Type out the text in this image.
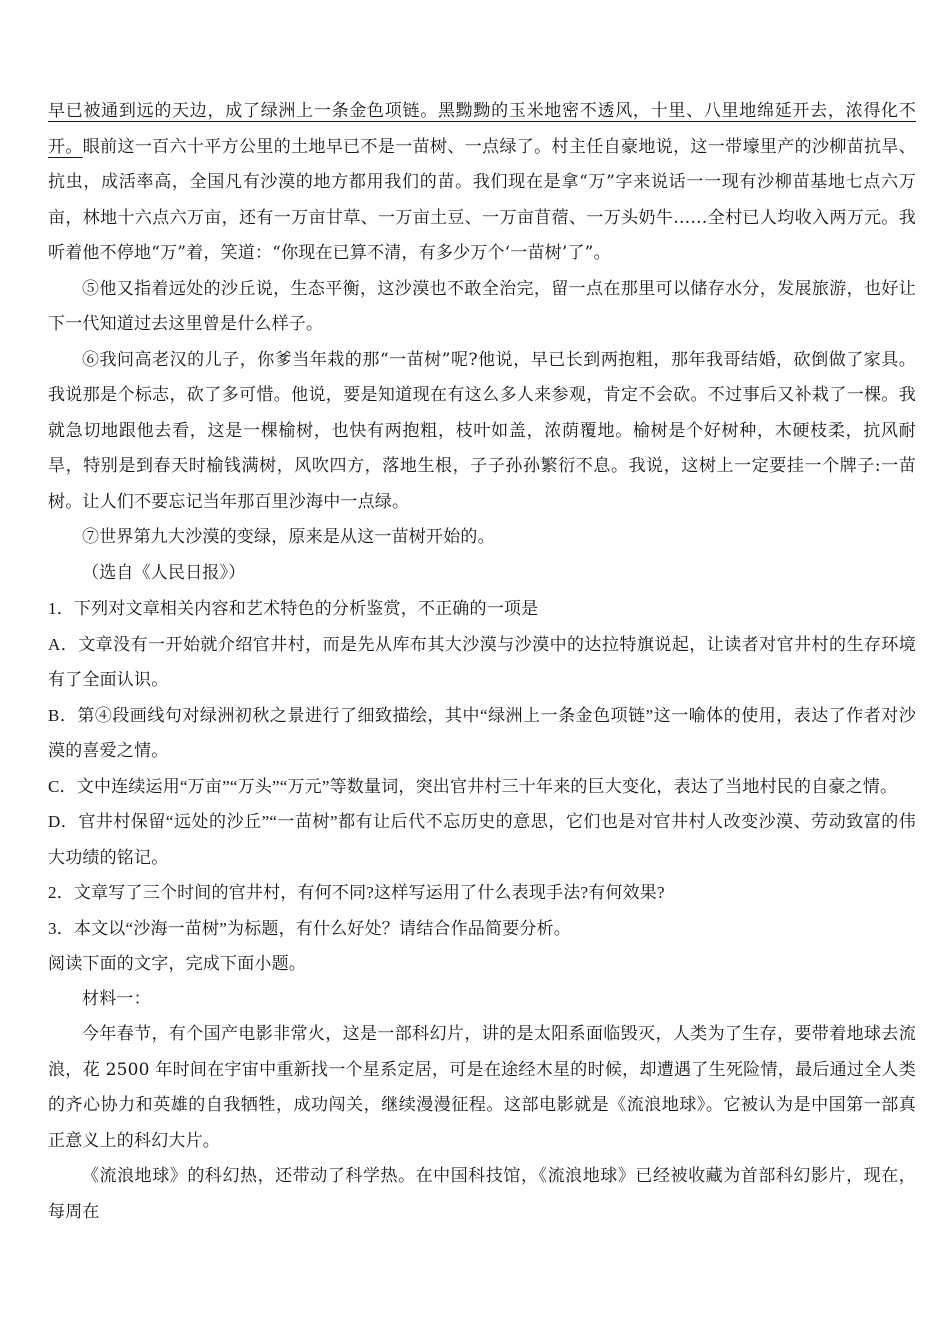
早已被通到远的天边，成了绿洲上一条金色项链。黑黝黝的玉米地密不透风，十里、八里地绵延开去，浓得化不开。眼前这一百六十平方公里的土地早已不是一苗树、一点绿了。村主任自豪地说，这一带壕里产的沙柳苗抗旱、抗虫，成活率高，全国凡有沙漠的地方都用我们的苗。我们现在是拿“万”字来说话一一现有沙柳苗基地七点六万亩，林地十六点六万亩，还有一万亩甘草、一万亩土豆、一万亩苜蓿、一万头奶牛……全村已人均收入两万元。我听着他不停地“万”着，笑道：“你现在已算不清，有多少万个‘一苗树’了”。

⑤他又指着远处的沙丘说，生态平衡，这沙漠也不敢全治完，留一点在那里可以储存水分，发展旅游，也好让下一代知道过去这里曾是什么样子。

⑥我问高老汉的儿子，你爹当年栽的那“一苗树”呢?他说，早已长到两抱粗，那年我哥结婚，砍倒做了家具。我说那是个标志，砍了多可惜。他说，要是知道现在有这么多人来参观，肯定不会砍。不过事后又补栽了一棵。我就急切地跟他去看，这是一棵榆树，也快有两抱粗，枝叶如盖，浓荫覆地。榆树是个好树种，木硬枝柔，抗风耐旱，特别是到春天时榆钱满树，风吹四方，落地生根，子子孙孙繁衍不息。我说，这树上一定要挂一个牌子:一苗树。让人们不要忘记当年那百里沙海中一点绿。

⑦世界第九大沙漠的变绿，原来是从这一苗树开始的。

（选自《人民日报》）

1．下列对文章相关内容和艺术特色的分析鉴赏，不正确的一项是

A．文章没有一开始就介绍官井村，而是先从库布其大沙漠与沙漠中的达拉特旗说起，让读者对官井村的生存环境有了全面认识。

B．第④段画线句对绿洲初秋之景进行了细致描绘，其中“绿洲上一条金色项链”这一喻体的使用，表达了作者对沙漠的喜爱之情。

C．文中连续运用“万亩”“万头”“万元”等数量词，突出官井村三十年来的巨大变化，表达了当地村民的自豪之情。

D．官井村保留“远处的沙丘”“一苗树”都有让后代不忘历史的意思，它们也是对官井村人改变沙漠、劳动致富的伟大功绩的铭记。

2．文章写了三个时间的官井村，有何不同?这样写运用了什么表现手法?有何效果?

3．本文以“沙海一苗树”为标题，有什么好处？请结合作品简要分析。

阅读下面的文字，完成下面小题。

材料一：

今年春节，有个国产电影非常火，这是一部科幻片，讲的是太阳系面临毁灭，人类为了生存，要带着地球去流浪，花 2500 年时间在宇宙中重新找一个星系定居，可是在途经木星的时候，却遭遇了生死险情，最后通过全人类的齐心协力和英雄的自我牺牲，成功闯关，继续漫漫征程。这部电影就是《流浪地球》。它被认为是中国第一部真正意义上的科幻大片。

《流浪地球》的科幻热，还带动了科学热。在中国科技馆，《流浪地球》已经被收藏为首部科幻影片，现在，每周在
